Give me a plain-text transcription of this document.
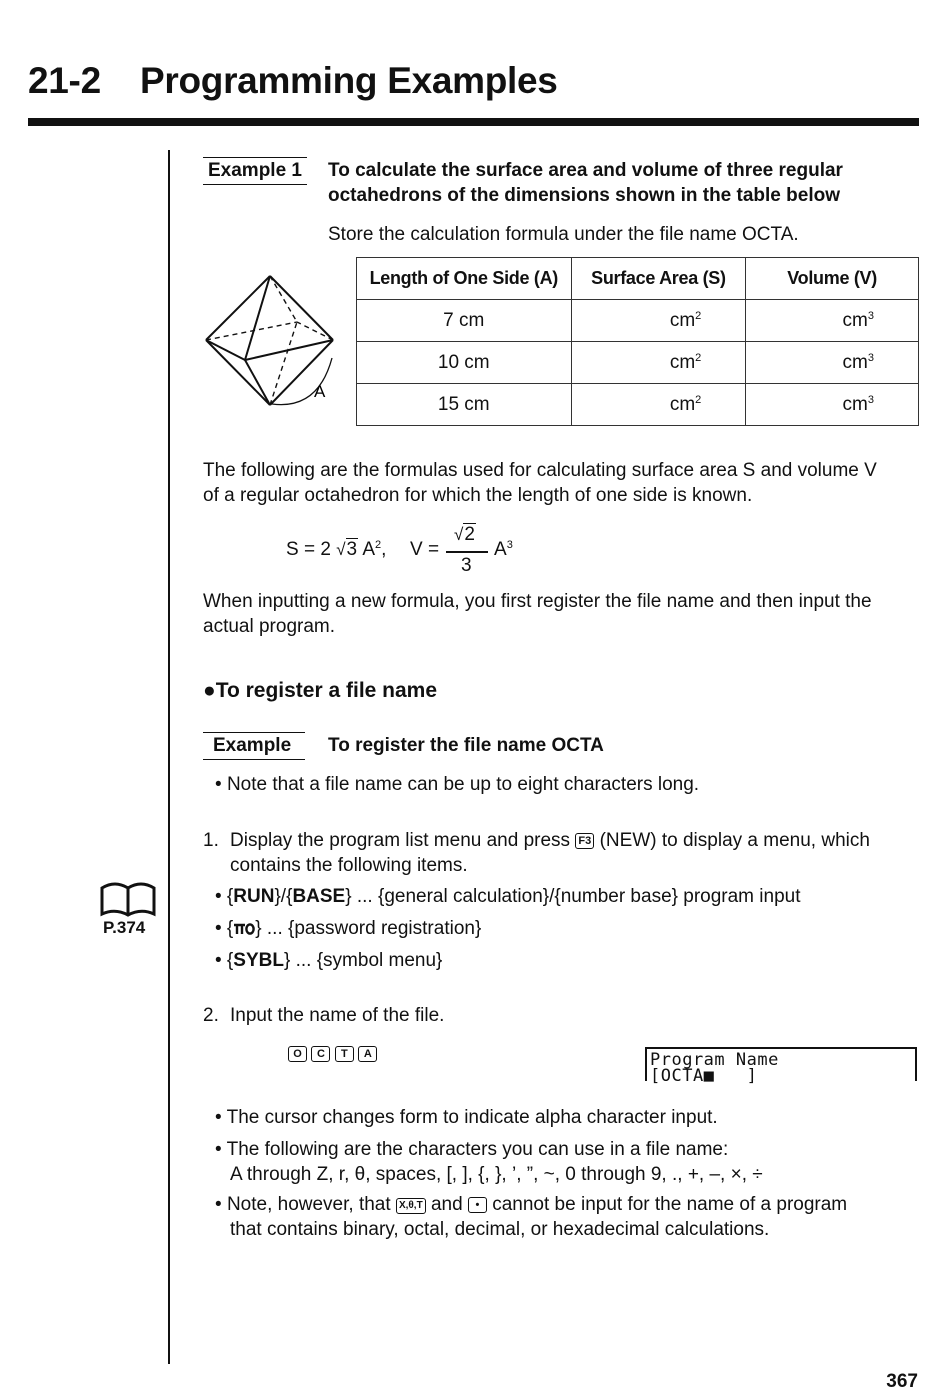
21-2 Programming Examples
Example 1 To calculate the surface area and volume of three regular
octahedrons of the dimensions shown in the table below
Store the calculation formula under the file name OCTA.
A
Length of One Side (A)	Surface Area (S)	Volume (V)
7 cm	$cm^2$	$cm^3$
10 cm	$cm^2$	$cm^3$
15 cm	$cm^2$	$cm^3$
The following are the formulas used for calculating surface area S and volume V
of a regular octahedron for which the length of one side is known.
S = 2 √3 $A^2$, V =
√2
3
$A^3$
When inputting a new formula, you first register the file name and then input the
actual program.
●To register a file name
Example	To register the file name OCTA
• Note that a file name can be up to eight characters long.
1. Display the program list menu and press F3 (NEW) to display a menu, which
contains the following items.
• {RUN}/{BASE} ... {general calculation}/{number base} program input
• { } ... {password registration}
• {SYBL} ... {symbol menu}
P.374
2. Input the name of the file.
O C T A	Program Name
[OCTA■   ]
• The cursor changes form to indicate alpha character input.
• The following are the characters you can use in a file name:
A through Z, r, θ, spaces, [, ], {, }, ’, ”, ~, 0 through 9, ., +, –, ×, ÷
• Note, however, that X,θ,T and • cannot be input for the name of a program
that contains binary, octal, decimal, or hexadecimal calculations.
367
